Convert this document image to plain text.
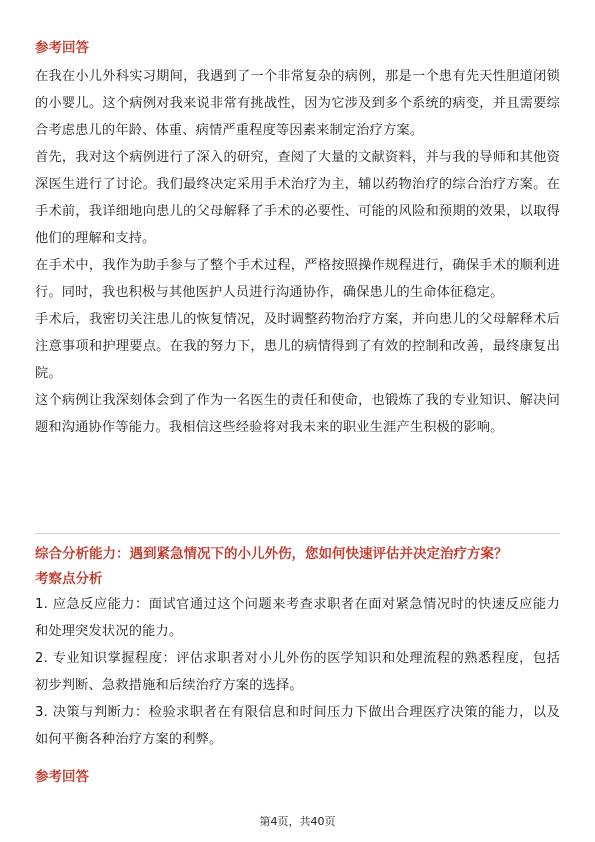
参考回答

在我在小儿外科实习期间，我遇到了一个非常复杂的病例，那是一个患有先天性胆道闭锁的小婴儿。这个病例对我来说非常有挑战性，因为它涉及到多个系统的病变，并且需要综合考虑患儿的年龄、体重、病情严重程度等因素来制定治疗方案。

首先，我对这个病例进行了深入的研究，查阅了大量的文献资料，并与我的导师和其他资深医生进行了讨论。我们最终决定采用手术治疗为主，辅以药物治疗的综合治疗方案。在手术前，我详细地向患儿的父母解释了手术的必要性、可能的风险和预期的效果，以取得他们的理解和支持。

在手术中，我作为助手参与了整个手术过程，严格按照操作规程进行，确保手术的顺利进行。同时，我也积极与其他医护人员进行沟通协作，确保患儿的生命体征稳定。

手术后，我密切关注患儿的恢复情况，及时调整药物治疗方案，并向患儿的父母解释术后注意事项和护理要点。在我的努力下，患儿的病情得到了有效的控制和改善，最终康复出院。

这个病例让我深刻体会到了作为一名医生的责任和使命，也锻炼了我的专业知识、解决问题和沟通协作等能力。我相信这些经验将对我未来的职业生涯产生积极的影响。

综合分析能力：遇到紧急情况下的小儿外伤，您如何快速评估并决定治疗方案？

考察点分析

1. 应急反应能力：面试官通过这个问题来考查求职者在面对紧急情况时的快速反应能力和处理突发状况的能力。

2. 专业知识掌握程度：评估求职者对小儿外伤的医学知识和处理流程的熟悉程度，包括初步判断、急救措施和后续治疗方案的选择。

3. 决策与判断力：检验求职者在有限信息和时间压力下做出合理医疗决策的能力，以及如何平衡各种治疗方案的利弊。

参考回答

第4页，共40页
